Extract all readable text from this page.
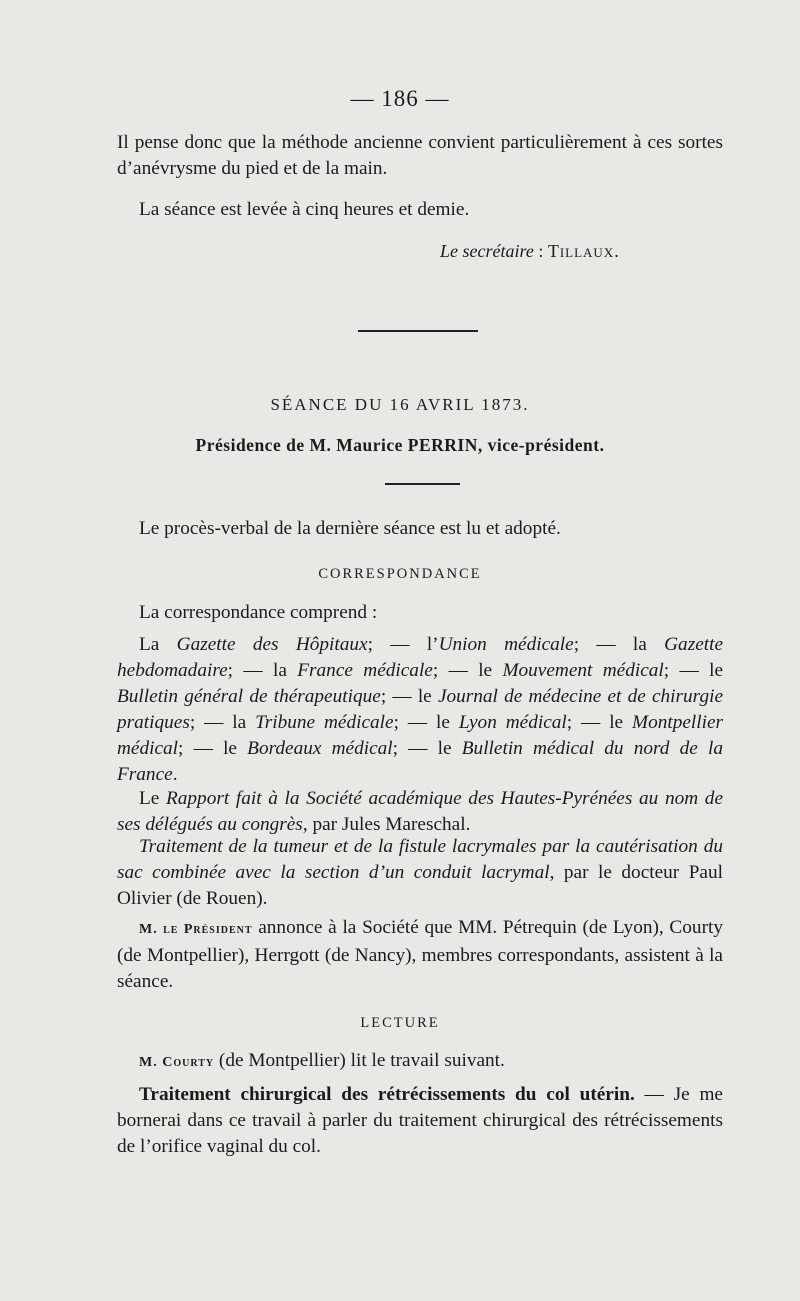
— 186 —
Il pense donc que la méthode ancienne convient particulièrement à ces sortes d’anévrysme du pied et de la main.
La séance est levée à cinq heures et demie.
Le secrétaire : Tillaux.
SÉANCE DU 16 AVRIL 1873.
Présidence de M. Maurice PERRIN, vice-président.
Le procès-verbal de la dernière séance est lu et adopté.
CORRESPONDANCE
La correspondance comprend :
La Gazette des Hôpitaux; — l’Union médicale; — la Gazette hebdomadaire; — la France médicale; — le Mouvement médical; — le Bulletin général de thérapeutique; — le Journal de médecine et de chirurgie pratiques; — la Tribune médicale; — le Lyon médical; — le Montpellier médical; — le Bordeaux médical; — le Bulletin médical du nord de la France.
Le Rapport fait à la Société académique des Hautes-Pyrénées au nom de ses délégués au congrès, par Jules Mareschal.
Traitement de la tumeur et de la fistule lacrymales par la cautérisation du sac combinée avec la section d’un conduit lacrymal, par le docteur Paul Olivier (de Rouen).
M. le Président annonce à la Société que MM. Pétrequin (de Lyon), Courty (de Montpellier), Herrgott (de Nancy), membres correspondants, assistent à la séance.
LECTURE
M. Courty (de Montpellier) lit le travail suivant.
Traitement chirurgical des rétrécissements du col utérin. — Je me bornerai dans ce travail à parler du traitement chirurgical des rétrécissements de l’orifice vaginal du col.
